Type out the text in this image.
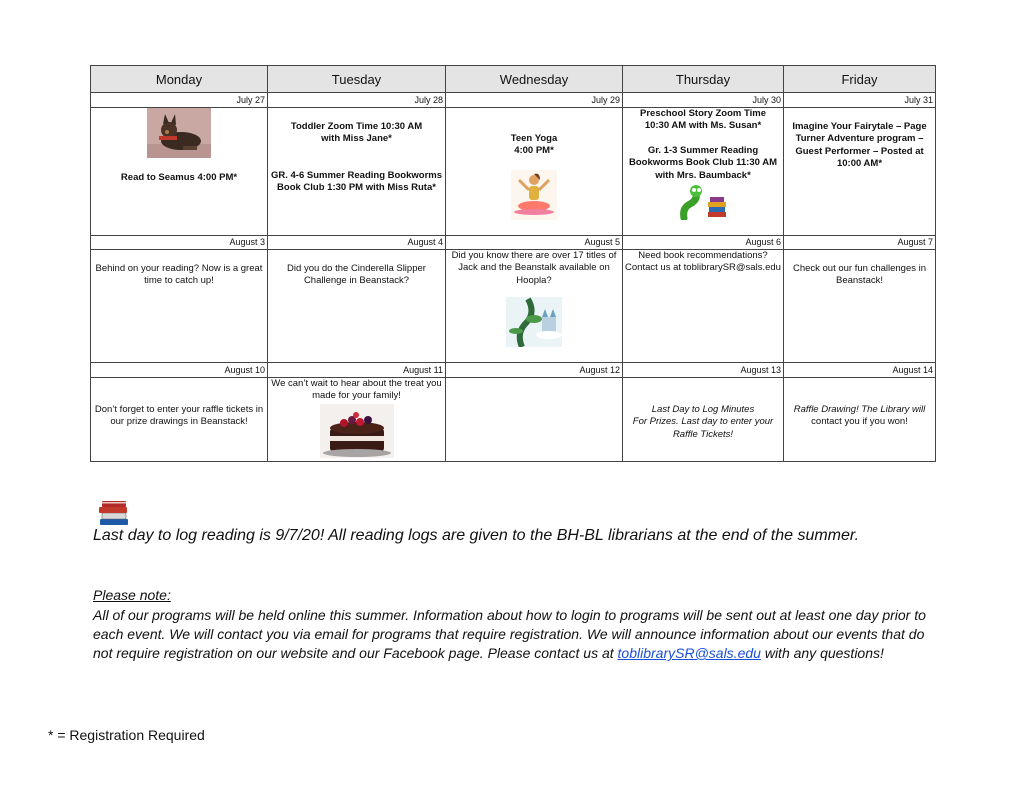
Monday	Tuesday	Wednesday	Thursday	Friday
July 27	July 28	July 29	July 30	July 31

Read to Seamus 4:00 PM*	Toddler Zoom Time 10:30 AM
with Miss Jane*
GR. 4-6 Summer Reading Bookworms
Book Club 1:30 PM with Miss Ruta*	Teen Yoga
4:00 PM*	Preschool Story Zoom Time
10:30 AM with Ms. Susan*
Gr. 1-3 Summer Reading
Bookworms Book Club 11:30 AM
with Mrs. Baumback*	Imagine Your Fairytale – Page
Turner Adventure program –
Guest Performer – Posted at
10:00 AM*

August 3	August 4	August 5	August 6	August 7

Behind on your reading? Now is a great
time to catch up!	Did you do the Cinderella Slipper
Challenge in Beanstack?	Did you know there are over 17 titles of
Jack and the Beanstalk available on
Hoopla?	Need book recommendations?
Contact us at toblibrarySR@sals.edu	Check out our fun challenges in
Beanstack!

August 10	August 11	August 12	August 13	August 14

Don’t forget to enter your raffle tickets in
our prize drawings in Beanstack!	We can’t wait to hear about the treat you
made for your family!		Last Day to Log Minutes
For Prizes. Last day to enter your
Raffle Tickets!	Raffle Drawing! The Library will
contact you if you won!
Last day to log reading is 9/7/20! All reading logs are given to the BH-BL librarians at the end of the summer.
Please note:
All of our programs will be held online this summer. Information about how to login to programs will be sent out at least one day prior to
each event. We will contact you via email for programs that require registration. We will announce information about our events that do
not require registration on our website and our Facebook page. Please contact us at toblibrarySR@sals.edu with any questions!
* = Registration Required
